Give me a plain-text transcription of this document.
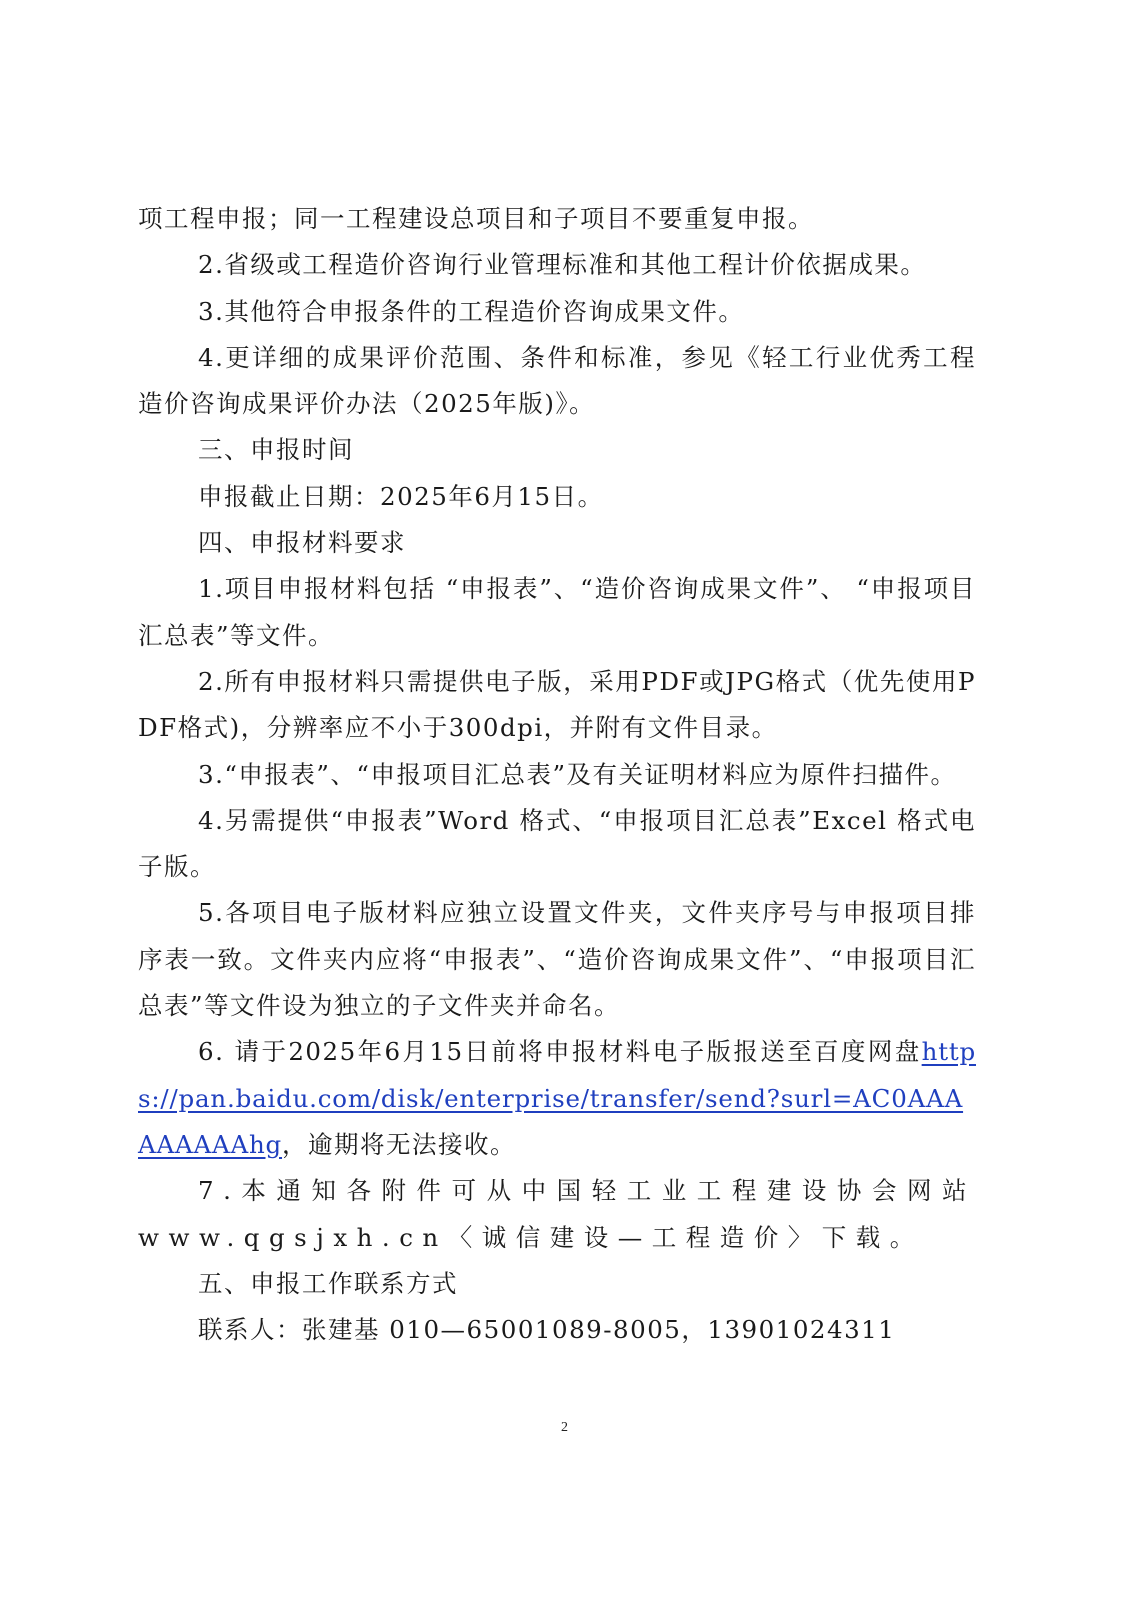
项工程申报；同一工程建设总项目和子项目不要重复申报。

2.省级或工程造价咨询行业管理标准和其他工程计价依据成果。

3.其他符合申报条件的工程造价咨询成果文件。

4.更详细的成果评价范围、条件和标准，参见《轻工行业优秀工程造价咨询成果评价办法（2025年版)》。

三、申报时间

申报截止日期：2025年6月15日。

四、申报材料要求

1.项目申报材料包括 “申报表”、“造价咨询成果文件”、 “申报项目汇总表”等文件。

2.所有申报材料只需提供电子版，采用PDF或JPG格式（优先使用PDF格式)，分辨率应不小于300dpi，并附有文件目录。

3.“申报表”、“申报项目汇总表”及有关证明材料应为原件扫描件。

4.另需提供“申报表”Word 格式、“申报项目汇总表”Excel 格式电子版。

5.各项目电子版材料应独立设置文件夹，文件夹序号与申报项目排序表一致。文件夹内应将“申报表”、“造价咨询成果文件”、“申报项目汇总表”等文件设为独立的子文件夹并命名。

6. 请于2025年6月15日前将申报材料电子版报送至百度网盘https://pan.baidu.com/disk/enterprise/transfer/send?surl=AC0AAAAAAAAAhg，逾期将无法接收。

7.本通知各附件可从中国轻工业工程建设协会网站www.qgsjxh.cn〈诚信建设—工程造价〉下载。

五、申报工作联系方式

联系人：张建基 010—65001089-8005，13901024311

2
